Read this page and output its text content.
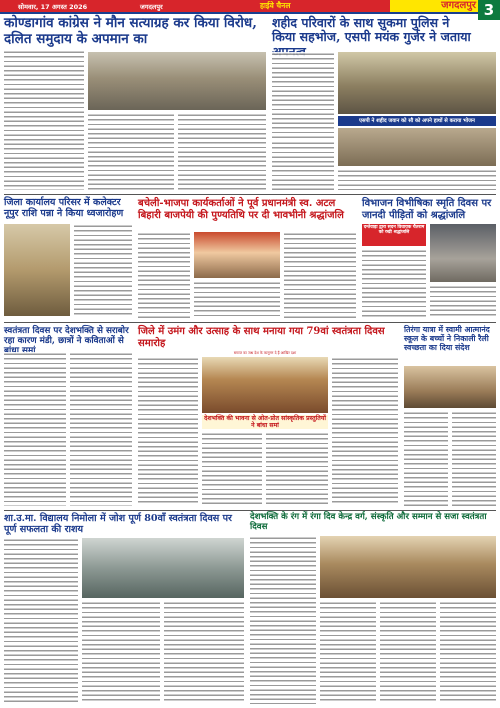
सोमवार, 17 अगस्त 2026	जगदलपुर	हाईवे चैनल	जगदलपुर 3
कोण्डागांव कांग्रेस ने मौन सत्याग्रह कर किया विरोध, दलित समुदाय के अपमान का
शहीद परिवारों के साथ सुकमा पुलिस ने किया सहभोज, एसपी मयंक गुर्जर ने जताया
एसपी ने शहीद जवान को सौ को अपने हाथों से कराया भोजन
जिला कार्यालय परिसर में कलेक्टर नूपुर राशि पन्ना ने किया ध्वजारोहण
बचेली-भाजपा कार्यकर्ताओं ने पूर्व प्रधानमंत्री स्व. अटल बिहारी बाजपेयी की पुण्यतिथि पर दी भावभीनी श्रद्धांजलि
विभाजन विभीषिका स्मृति दिवस पर जानदी पीड़ितों को श्रद्धांजलि
दन्तेवाड़ा द्वारा सदन विधायक चैतराम को रखी श्रद्धांजलि
स्वतंत्रता दिवस पर देशभक्ति से सराबोर रहा कारण मंडी, छात्रों ने कविताओं से
जिले में उमंग और उत्साह के साथ मनाया गया 79वां स्वतंत्रता दिवस समारोह
समाज का जश्न देश के कानूनन दे हैं आखिर दशा
देशभक्ति की भावना से ओत-प्रोत सांस्कृतिक प्रस्तुतियों ने बांधा समां
तिरंगा यात्रा में स्वामी आत्मानंद स्कूल के बच्चों ने निकाली रैली स्वच्छता का दिया संदेश
शा.उ.मा. विद्यालय निमोला में जोश पूर्ण 80वाँ स्वतंत्रता दिवस पर पूर्ण सफलता की राशय
देशभक्ति के रंग में रंगा दिव केन्द्र वर्ग, संस्कृति और सम्मान से सजा स्वतंत्रता दिवस
